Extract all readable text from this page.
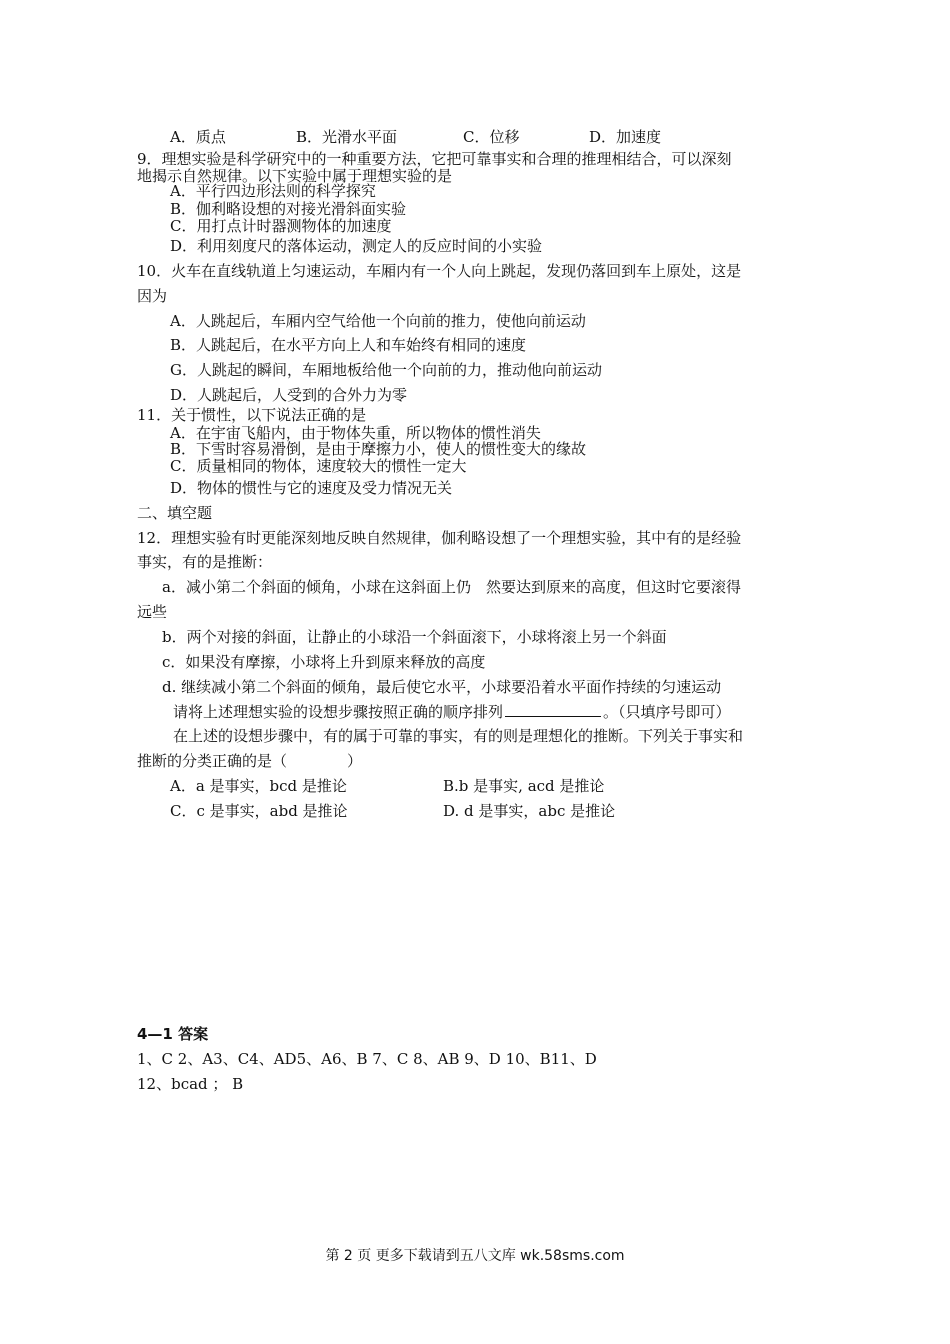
A．质点	B．光滑水平面	C．位移	D．加速度
9．理想实验是科学研究中的一种重要方法，它把可靠事实和合理的推理相结合，可以深刻
地揭示自然规律。以下实验中属于理想实验的是
A．平行四边形法则的科学探究
B．伽利略设想的对接光滑斜面实验
C．用打点计时器测物体的加速度
D．利用刻度尺的落体运动，测定人的反应时间的小实验
10．火车在直线轨道上匀速运动，车厢内有一个人向上跳起，发现仍落回到车上原处，这是
因为
A．人跳起后，车厢内空气给他一个向前的推力，使他向前运动
B．人跳起后，在水平方向上人和车始终有相同的速度
G．人跳起的瞬间，车厢地板给他一个向前的力，推动他向前运动
D．人跳起后，人受到的合外力为零
11．关于惯性，以下说法正确的是
A．在宇宙飞船内，由于物体失重，所以物体的惯性消失
B．下雪时容易滑倒，是由于摩擦力小，使人的惯性变大的缘故
C．质量相同的物体，速度较大的惯性一定大
D．物体的惯性与它的速度及受力情况无关
二、填空题
12．理想实验有时更能深刻地反映自然规律，伽利略设想了一个理想实验，其中有的是经验
事实，有的是推断：
a．减小第二个斜面的倾角，小球在这斜面上仍　然要达到原来的高度，但这时它要滚得
远些
b．两个对接的斜面，让静止的小球沿一个斜面滚下，小球将滚上另一个斜面
c．如果没有摩擦，小球将上升到原来释放的高度
d. 继续减小第二个斜面的倾角，最后使它水平，小球要沿着水平面作持续的匀速运动
请将上述理想实验的设想步骤按照正确的顺序排列	。（只填序号即可）
在上述的设想步骤中，有的属于可靠的事实，有的则是理想化的推断。下列关于事实和
推断的分类正确的是（　　　　）
A．a 是事实，bcd 是推论	B.b 是事实, acd 是推论
C．c 是事实，abd 是推论	D. d 是事实，abc 是推论
4—1 答案
1、C 2、A3、C4、AD5、A6、B 7、C 8、AB 9、D 10、B11、D
12、bcad ； B
第 2 页 更多下载请到五八文库 wk.58sms.com
